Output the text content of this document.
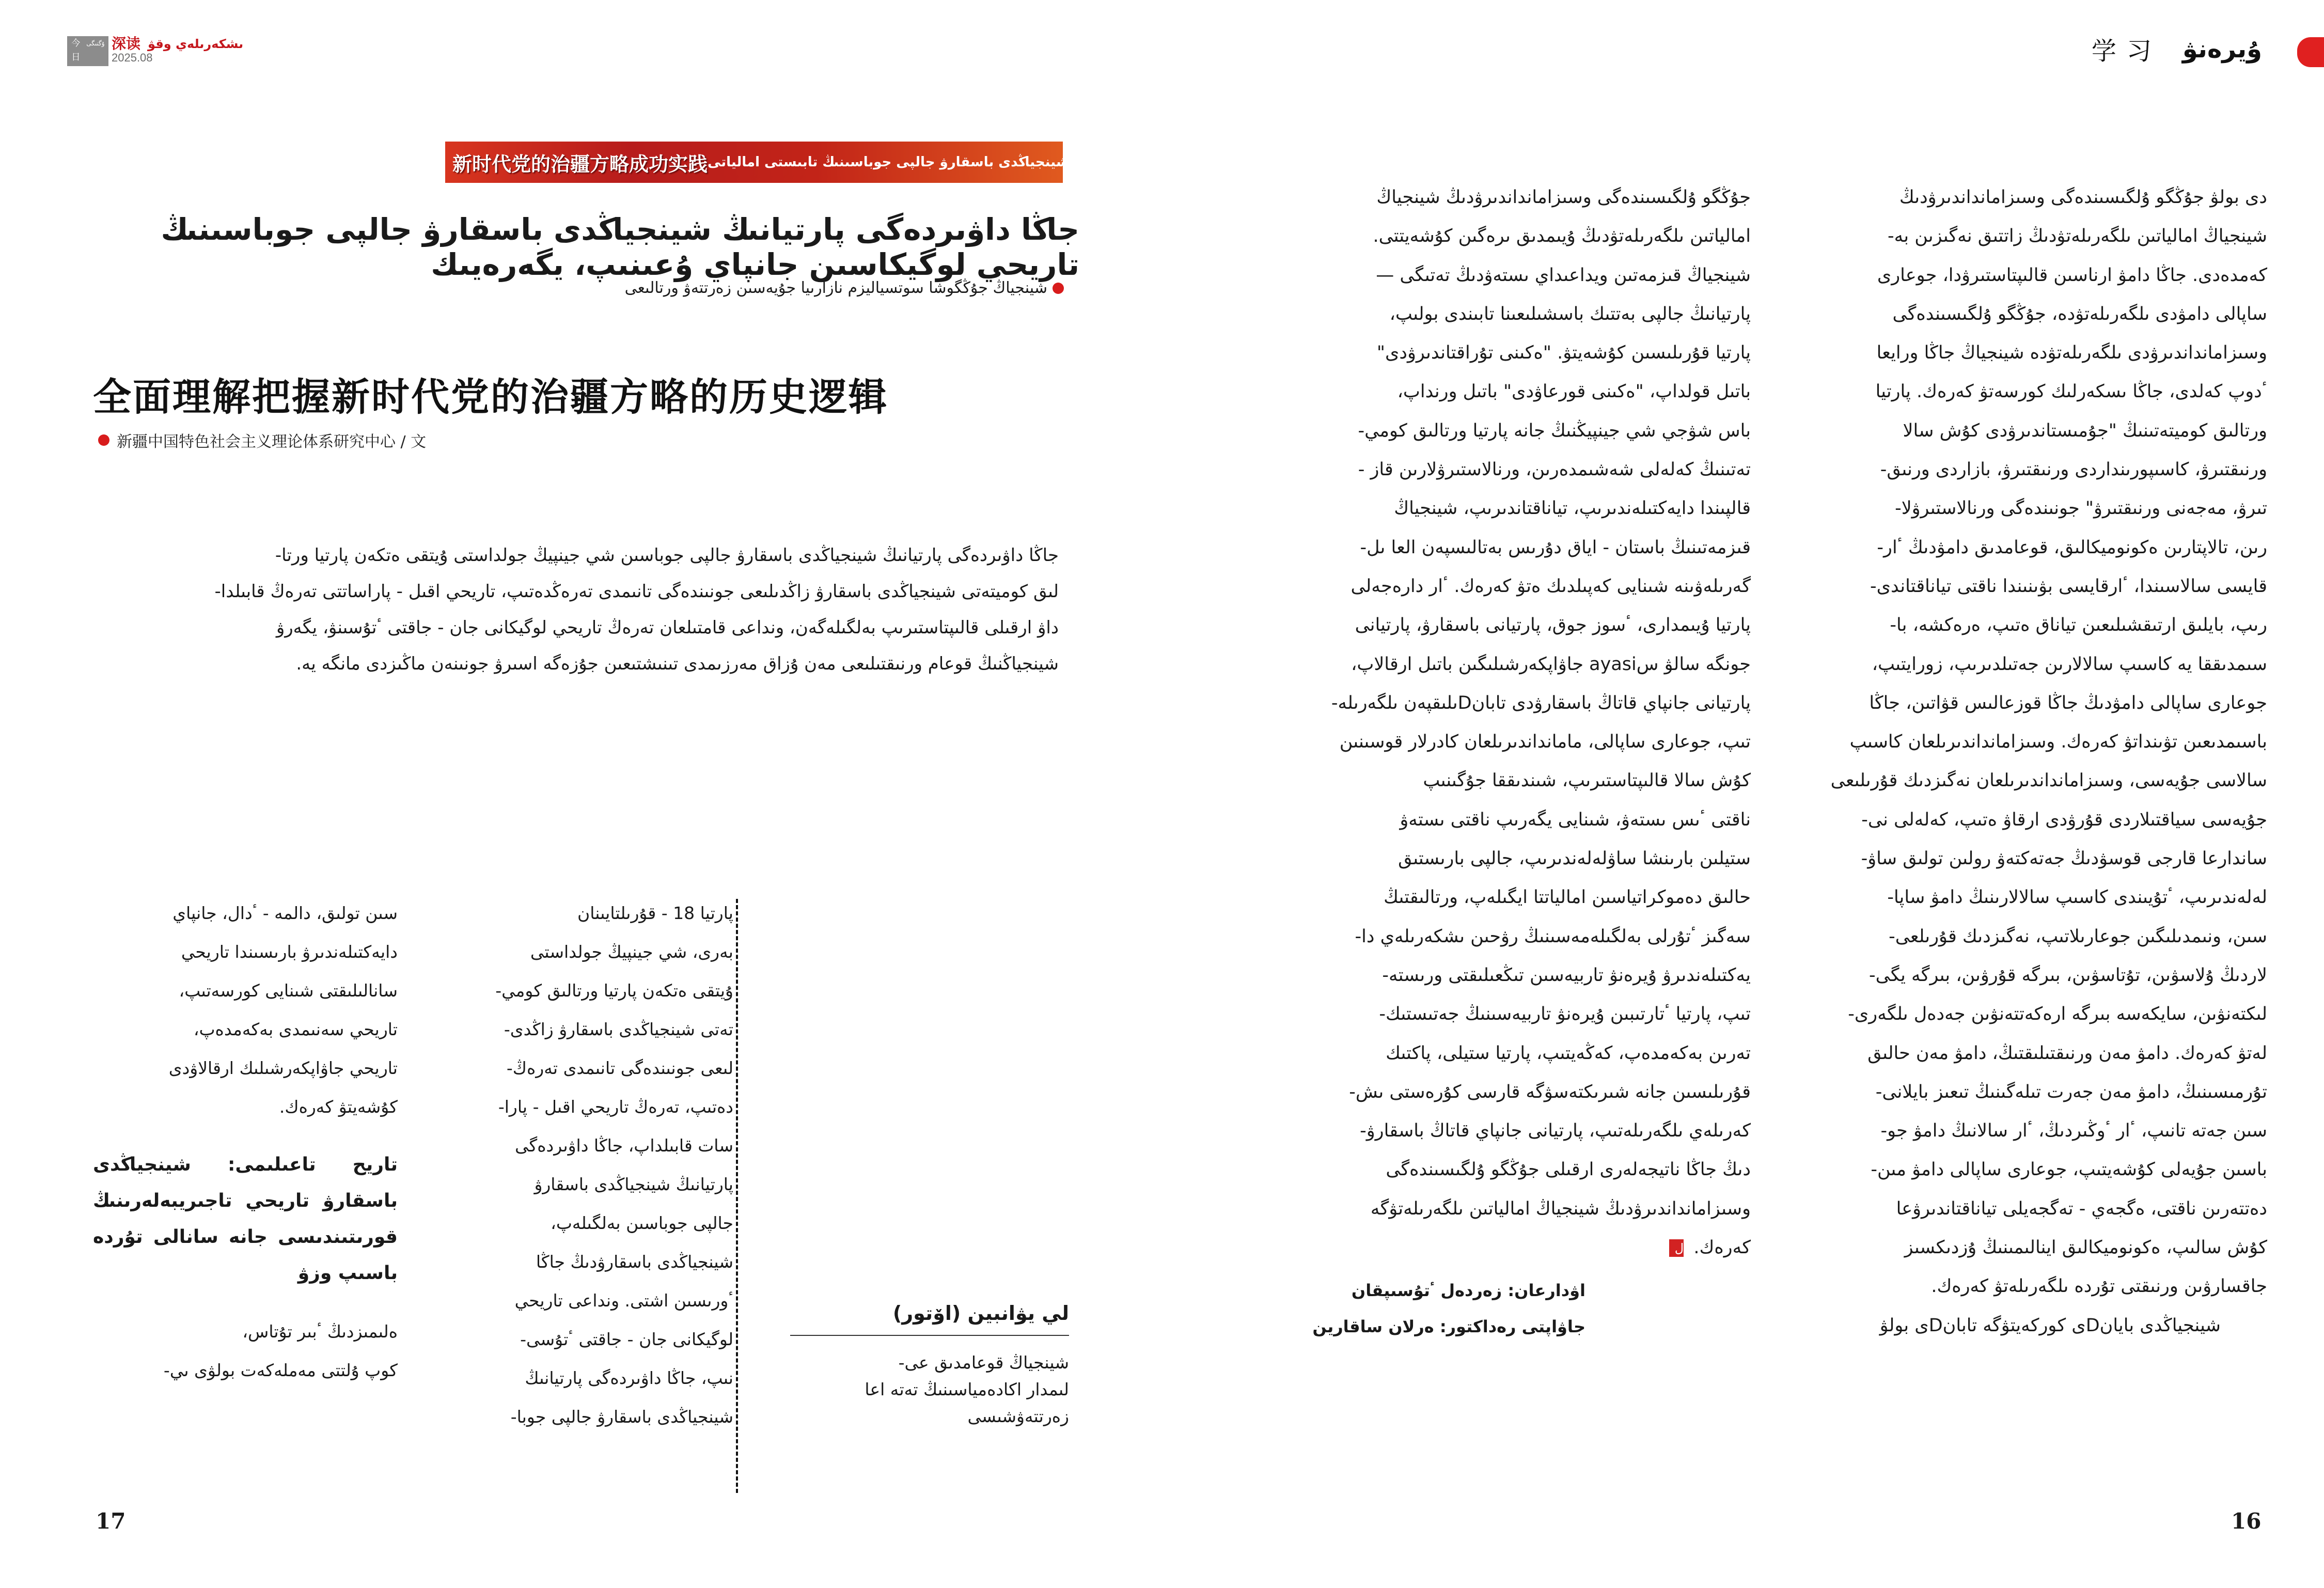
今日
ۇگنىگى
新疆
شىنجياڭ
深读 ىشكەرىلەي وقۋ
2025.08	学习 ۇيرەنۋ
新时代党的治疆方略成功实践 جاڭا داۋىردەگى پارتيانىڭ شينجياڭدى باسقارۋ جالپى جوباسىنىڭ تابىستى امالياتى
جاڭا داۋىردەگى پارتيانىڭ شينجياڭدى باسقارۋ جالپى جوباسىنىڭ تاريحي لوگيكاسىن جانپاي ۇعىنىپ، يگەرەيىك
شينجياڭ جۇڭگوشا سوتسياليزم نازارىيا جۇيەسىن زەرتتەۋ ورتالىعى
全面理解把握新时代党的治疆方略的历史逻辑
新疆中国特色社会主义理论体系研究中心 / 文
جاڭا داۋىردەگى پارتيانىڭ شينجياڭدى باسقارۋ جالپى جوباسىن شي جينپيڭ جولداستى ۇيتقى ەتكەن پارتيا ورتا-
لىق كوميتەتى شينجياڭدى باسقارۋ زاڭدىلىعى جونىندەگى تانىمدى تەرەڭدەتىپ، تاريحي اقىل - پاراساتتى تەرەڭ قابىلدا-
داۋ ارقىلى قالىپتاستىرىپ بەلگىلەگەن، ونداعى قامتىلعان تەرەڭ تاريحي لوگيكانى جان - جاقتى ٴتۇسىنۋ، يگەرۋ
شينجياڭنىڭ قوعام ورنىقتىلىعى مەن ۇزاق مەرزىمدى تىنىشتىعىن جۇزەگە اسىرۋ جونىنەن ماڭىزدى مانگە يە.
سىن تولىق، دالمە - ٴدال، جانپاي
دايەكتىلەندىرۋ بارىسىندا تاريحي
سانالىلىقتى شىنايى كورسەتىپ،
تاريحي سەنىمدى بەكەمدەپ،
تاريحي جاۋاپكەرشىلىك ارقالاۋدى
كۇشەيتۋ كەرەك.
تاريح تاعىلىمى: شينجياڭدى باسقارۋ تاريحي تاجىريبەلەرىنىڭ قورىتىندىسى جانە سانالى تۇردە باسىپ وزۋ
ەلىمىزدىڭ ٴبىر تۇتاس،
كوپ ۇلتتى مەملەكەت بولۋى ىي-
17
پارتيا 18 - قۇرىلتايىنان
بەرى، شي جينپيڭ جولداستى
ۇيتقى ەتكەن پارتيا ورتالىق كومي-
تەتى شينجياڭدى باسقارۋ زاڭدى-
لىعى جونىندەگى تانىمدى تەرەڭ-
دەتىپ، تەرەڭ تاريحي اقىل - پارا-
سات قابىلداپ، جاڭا داۋىردەگى
پارتيانىڭ شينجياڭدى باسقارۋ
جالپى جوباسىن بەلگىلەپ،
شينجياڭدى باسقارۋدىڭ جاڭا
ٴورىسىن اشتى. ونداعى تاريحي
لوگيكانى جان - جاقتى ٴتۇسى-
نىپ، جاڭا داۋىردەگى پارتيانىڭ
شينجياڭدى باسقارۋ جالپى جوبا-
لي يۋانبين (اۆتور)
شينجياڭ قوعامدىق عى-
لىمدار اكادەمياسىنىڭ تەتە اعا
زەرتتەۋشىسى
جۇڭگو ۇلگىسىندەگى وسىزامانداندىرۋدىڭ شينجياڭ
امالياتىن ىلگەرىلەتۋدىڭ ۇيىمدىق ىرەگىن كۇشەيتتى.
شينجياڭ قىزمەتىن ويداعىداي ىستەۋدىڭ تەتىگى —
پارتيانىڭ جالپى بەتتىك باسشىلىعىنا تابىندى بولىپ،
پارتيا قۇرىلىسىن كۇشەيتۋ. "ەكىنى تۇراقتاندىرۋدى"
باتىل قولداپ، "ەكىنى قورعاۋدى" باتىل ورنداپ،
باس شۋجي شي جينپيڭنىڭ جانە پارتيا ورتالىق كومي-
تەتىنىڭ كەلەلى شەشىمدەرىن، ورنالاستىرۋلارىن قاز -
قالپىندا دايەكتىلەندىرىپ، تياناقتاندىرىپ، شينجياڭ
قىزمەتىنىڭ باستان - اياق دۇرىس بەتالىسپەن العا ىل-
گەرىلەۋىنە شىنايى كەپىلدىك ەتۋ كەرەك. ٴار دارەجەلى
پارتيا ۇيىمدارى، ٴسوز جوق، پارتيانى باسقارۋ، پارتيانى
جونگە سالۋ سayasi جاۋاپكەرشىلىگىن باتىل ارقالاپ،
پارتيانى جانپاي قاتاڭ باسقارۋدى تابانDىلىقپەن ىلگەرىلە-
تىپ، جوعارى ساپالى، مامانداندىرىلعان كادرلار قوسىنىن
كۇش سالا قالىپتاستىرىپ، شىندىققا جۇگىنىپ
ناقتى ٴىس ىستەۋ، شىنايى يگەرىپ ناقتى ىستەۋ
ستيلىن بارىنشا ساۋلەلەندىرىپ، جالپى بارىستىق
حالىق دەموكراتياسىن امالياتتا ايگىلەپ، ورتالىقتىڭ
سەگىز ٴتۇرلى بەلگىلەمەسىنىڭ رۋحىن ىشكەرىلەي دا-
يەكتىلەندىرۋ ۇيرەنۋ تاربيەسىن تىڭعىلىقتى ورىستە-
تىپ، پارتيا ٴتارتىبىن ۇيرەنۋ تاربيەسىنىڭ جەتىستىك-
تەرىن بەكەمدەپ، كەڭەيتىپ، پارتيا ستيلى، پاكتىك
قۇرىلىسىن جانە شىرىكتەسۋگە قارسى كۇرەستى ىش-
كەرىلەي ىلگەرىلەتىپ، پارتيانى جانپاي قاتاڭ باسقارۋ-
دىڭ جاڭا ناتيجەلەرى ارقىلى جۇڭگو ۇلگىسىندەگى
وسىزامانداندىرۋدىڭ شينجياڭ امالياتىن ىلگەرىلەتۋگە
كەرەك. ل
اۋدارعان: زەردەل ٴتۇسىپقان
جاۋاپتى رەداكتور: ەرلان ساقارين
دى بولۋ جۇڭگو ۇلگىسىندەگى وسىزامانداندىرۋدىڭ
شينجياڭ امالياتىن ىلگەرىلەتۋدىڭ زاتتىق نەگىزىن بە-
كەمدەدى. جاڭا دامۋ ارناسىن قالىپتاستىرۋدا، جوعارى
ساپالى دامۋدى ىلگەرىلەتۋدە، جۇڭگو ۇلگىسىندەگى
وسىزامانداندىرۋدى ىلگەرىلەتۋدە شينجياڭ جاڭا ورايعا
ٴدوپ كەلدى، جاڭا ىسكەرلىك كورسەتۋ كەرەك. پارتيا
ورتالىق كوميتەتىنىڭ "جۇمىستاندىرۋدى كۇش سالا
ورنىقتىرۋ، كاسىپورىنداردى ورنىقتىرۋ، بازاردى ورنىق-
تىرۋ، مەجەنى ورنىقتىرۋ" جونىندەگى ورنالاستىرۋلا-
رىن، تالاپتارىن ەكونوميكالىق، قوعامدىق دامۋدىڭ ٴار-
قايسى سالاسىندا، ٴارقايسى بۋىنىندا ناقتى تياناقتاندى-
رىپ، بايلىق ارتىقشىلىعىن تياناق ەتىپ، ەرەكشە، با-
سىمدىققا يە كاسىپ سالالارىن جەتىلدىرىپ، زورايتىپ،
جوعارى ساپالى دامۋدىڭ جاڭا قوزعالىس قۋاتىن، جاڭا
باسىمدىعىن تۋىنداتۋ كەرەك. وسىزامانداندىرىلعان كاسىپ
سالاسى جۇيەسى، وسىزامانداندىرىلعان نەگىزدىك قۇرىلىعى
جۇيەسى سياقتىلاردى قۇرۋدى ارقاۋ ەتىپ، كەلەلى نى-
ساندارعا قارجى قوسۋدىڭ جەتەكتەۋ رولىن تولىق ساۋ-
لەلەندىرىپ، ٴتۇيىندى كاسىپ سالالارىنىڭ دامۋ ساپا-
سىن، ونىمدىلىگىن جوعارىلاتىپ، نەگىزدىك قۇرىلعى-
لاردىڭ ۇلاسۋىن، تۇتاسۋىن، بىرگە قۇرۋىن، بىرگە يگى-
لىكتەنۋىن، سايكەسە بىرگە ارەكەتتەنۋىن جەدەل ىلگەرى-
لەتۋ كەرەك. دامۋ مەن ورنىقتىلىقتىڭ، دامۋ مەن حالىق
تۇرمىسىنىڭ، دامۋ مەن جەرت تىلەگىنىڭ تىعىز بايلانى-
سىن جەتە تانىپ، ٴار ٴوڭىردىڭ، ٴار سالانىڭ دامۋ جو-
باسىن جۇيەلى كۇشەيتىپ، جوعارى ساپالى دامۋ مىن-
دەتتەرىن ناقتى، ەگجەي - تەگجەيلى تياناقتاندىرۋعا
كۇش سالىپ، ەكونوميكالىق اينالىمىنىڭ ۇزدىكسىز
جاقسارۋىن ورنىقتى تۇردە ىلگەرىلەتۋ كەرەك.
شينجياڭدى بايانDى كوركەيتۋگە تابانDى بولۋ
16
